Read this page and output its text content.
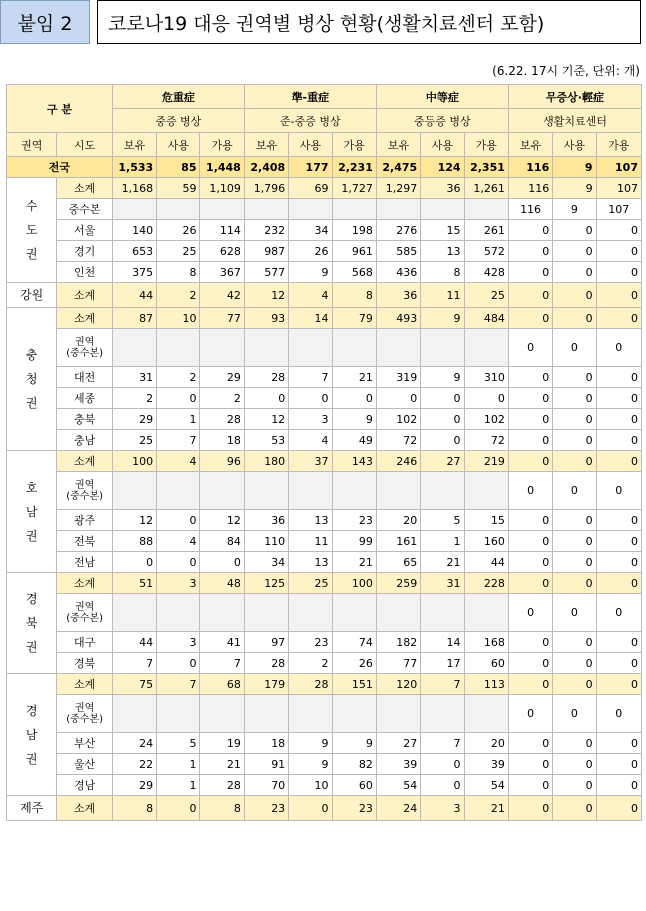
붙임 2	코로나19 대응 권역별 병상 현황(생활치료센터 포함)
(6.22. 17시 기준, 단위: 개)
구 분		危重症			準-重症			中等症			무증상·輕症		
		중증 병상			준-중증 병상			중등증 병상			생활치료센터		
권역	시도	보유	사용	가용	보유	사용	가용	보유	사용	가용	보유	사용	가용
전국		1,533	85	1,448	2,408	177	2,231	2,475	124	2,351	116	9	107
수
도
권	소계	1,168	59	1,109	1,796	69	1,727	1,297	36	1,261	116	9	107
	중수본										116	9	107
	서울	140	26	114	232	34	198	276	15	261	0	0	0
	경기	653	25	628	987	26	961	585	13	572	0	0	0
	인천	375	8	367	577	9	568	436	8	428	0	0	0
강원	소계	44	2	42	12	4	8	36	11	25	0	0	0
충
청
권	소계	87	10	77	93	14	79	493	9	484	0	0	0
	권역
(중수본)										0	0	0
	대전	31	2	29	28	7	21	319	9	310	0	0	0
	세종	2	0	2	0	0	0	0	0	0	0	0	0
	충북	29	1	28	12	3	9	102	0	102	0	0	0
	충남	25	7	18	53	4	49	72	0	72	0	0	0
호
남
권	소계	100	4	96	180	37	143	246	27	219	0	0	0
	권역
(중수본)										0	0	0
	광주	12	0	12	36	13	23	20	5	15	0	0	0
	전북	88	4	84	110	11	99	161	1	160	0	0	0
	전남	0	0	0	34	13	21	65	21	44	0	0	0
경
북
권	소계	51	3	48	125	25	100	259	31	228	0	0	0
	권역
(중수본)										0	0	0
	대구	44	3	41	97	23	74	182	14	168	0	0	0
	경북	7	0	7	28	2	26	77	17	60	0	0	0
경
남
권	소계	75	7	68	179	28	151	120	7	113	0	0	0
	권역
(중수본)										0	0	0
	부산	24	5	19	18	9	9	27	7	20	0	0	0
	울산	22	1	21	91	9	82	39	0	39	0	0	0
	경남	29	1	28	70	10	60	54	0	54	0	0	0
제주	소계	8	0	8	23	0	23	24	3	21	0	0	0
